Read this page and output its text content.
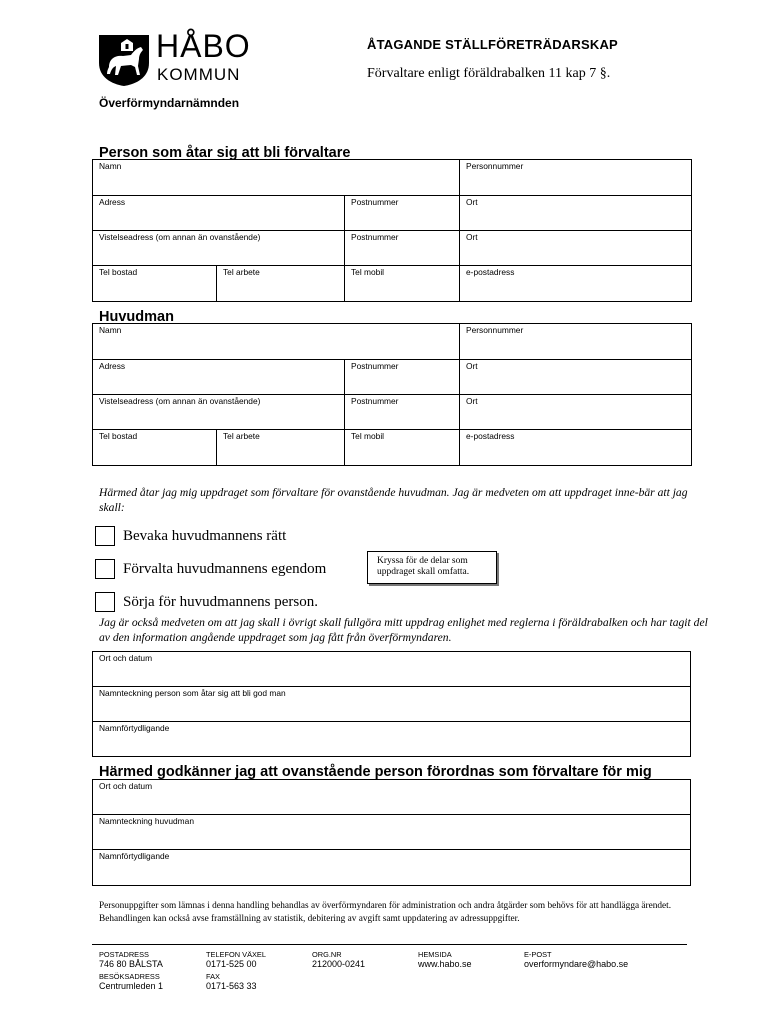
HÅBO
KOMMUN
ÅTAGANDE STÄLLFÖRETRÄDARSKAP
Förvaltare enligt föräldrabalken 11 kap 7 §.
Överförmyndarnämnden
Person som åtar sig att bli förvaltare
Namn			Personnummer
Adress		Postnummer	Ort
Vistelseadress (om annan än ovanstående)		Postnummer	Ort
Tel bostad	Tel arbete	Tel mobil	e-postadress
Huvudman
Namn			Personnummer
Adress		Postnummer	Ort
Vistelseadress (om annan än ovanstående)		Postnummer	Ort
Tel bostad	Tel arbete	Tel mobil	e-postadress
Härmed åtar jag mig uppdraget som förvaltare för ovanstående huvudman. Jag är medveten om att uppdraget inne-bär att jag skall:
Bevaka huvudmannens rätt
Förvalta huvudmannens egendom
Sörja för huvudmannens person.
Kryssa för de delar som uppdraget skall omfatta.
Jag är också medveten om att jag skall i övrigt skall fullgöra mitt uppdrag enlighet med reglerna i föräldrabalken och har tagit del av den information angående uppdraget som jag fått från överförmyndaren.
Ort och datum
Namnteckning person som åtar sig att bli god man
Namnförtydligande
Härmed godkänner jag att ovanstående person förordnas som förvaltare för mig
Ort och datum
Namnteckning huvudman
Namnförtydligande
Personuppgifter som lämnas i denna handling behandlas av överförmyndaren för administration och andra åtgärder som behövs för att handlägga ärendet. Behandlingen kan också avse framställning av statistik, debitering av avgift samt uppdatering av adressuppgifter.
POSTADRESS
746 80 BÅLSTA
BESÖKSADRESS
Centrumleden 1
TELEFON VÄXEL
0171-525 00
FAX
0171-563 33
ORG.NR
212000-0241
HEMSIDA
www.habo.se
E-POST
overformyndare@habo.se
